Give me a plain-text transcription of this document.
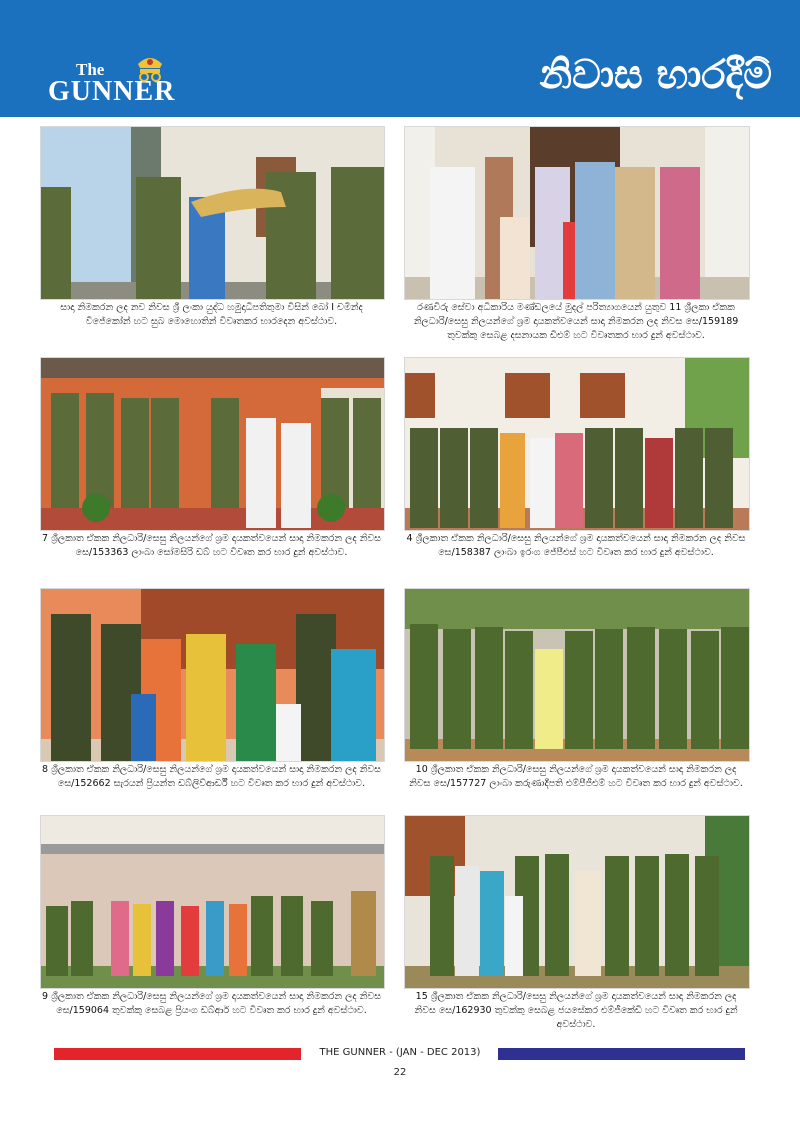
The
GUNNER	නිවාස භාරදීම්
සාදා නිමකරන ලද නව නිවස ශ්‍රී ලංකා යුද්ධ හමුදාධිපතිතුමා විසින් බෝ I චමින්ද විජේකෝන් හට සුබ මොහොතින් විවෘතකර භාරදෙන අවස්ථාව.
රණවිරු සේවා අධිකාරිය මණ්ඩලයේ මුදල් පරිත්‍යාගයෙන් යුතුව 11 ශ්‍රීලකා ඒකක නිලධාරි/සෙසු නිලයන්ගේ ශ්‍රම දායකත්වයෙන් සාදා නිමකරන ලද නිවස සෙ/159189 තුවක්කු සෙබළ දසනායක ඩීඑම් හට විවෘතකර භාර දුන් අවස්ථාව.
7 ශ්‍රීලකාත ඒකක නිලධාරි/සෙසු නිලයන්ගේ ශ්‍රම දායකත්වයෙන් සාදා නිමකරන ලද නිවස සෙ/153363 ලාංබා සෝමසිරි ඩබ් හට විවෘත කර භාර දුන් අවස්ථාව.
4 ශ්‍රීලකාත ඒකක නිලධාරි/සෙසු නිලයන්ගේ ශ්‍රම දායකත්වයෙන් සාදා නිමකරන ලද නිවස සෙ/158387 ලාංබා ඉරංග ජේපීඑස් හට විවෘත කර භාර දුන් අවස්ථාව.
8 ශ්‍රීලකාත ඒකක නිලධාරි/සෙසු නිලයන්ගේ ශ්‍රම දායකත්වයෙන් සාදා නිමකරන ලද නිවස සෙ/152662 සැරයන් ප්‍රියන්ත ඩබ්ලිව්ආර්ඩී හට විවෘත කර භාර දුන් අවස්ථාව.
10 ශ්‍රීලකාත ඒකක නිලධාරි/සෙසු නිලයන්ගේ ශ්‍රම දායකත්වයෙන් සාදා නිමකරන ලද නිවස සෙ/157727 ලාංබා කරුණාදීපති එම්පීජීඑම් හට විවෘත කර භාර දුන් අවස්ථාව.
9 ශ්‍රීලකාත ඒකක නිලධාරි/සෙසු නිලයන්ගේ ශ්‍රම දායකත්වයෙන් සාදා නිමකරන ලද නිවස සෙ/159064 තුවක්කු සෙබළ ප්‍රියංග ඩබ්ආර් හට විවෘත කර භාර දුන් අවස්ථාව.
15 ශ්‍රීලකාත ඒකක නිලධාරි/සෙසු නිලයන්ගේ ශ්‍රම දායකත්වයෙන් සාදා නිමකරන ලද නිවස සෙ/162930 තුවක්කු සෙබළ ජයසේකර එම්ජීකේඩී හට විවෘත කර භාර දුන් අවස්ථාව.
THE GUNNER - (JAN - DEC 2013)
22
